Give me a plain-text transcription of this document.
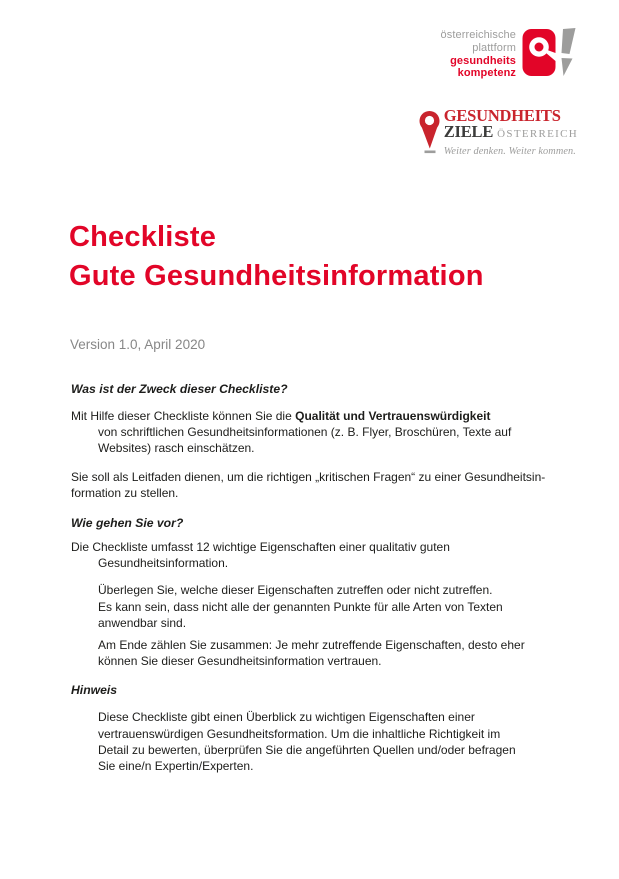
österreichische
plattform
gesundheits
kompetenz
GESUNDHEITS
ZIELE ÖSTERREICH
Weiter denken. Weiter kommen.
Checkliste
Gute Gesundheitsinformation
Version 1.0, April 2020
Was ist der Zweck dieser Checkliste?
Mit Hilfe dieser Checkliste können Sie die Qualität und Vertrauenswürdigkeit
von schriftlichen Gesundheitsinformationen (z. B. Flyer, Broschüren, Texte auf
Websites) rasch einschätzen.
Sie soll als Leitfaden dienen, um die richtigen „kritischen Fragen“ zu einer Gesundheitsin-
formation zu stellen.
Wie gehen Sie vor?
Die Checkliste umfasst 12 wichtige Eigenschaften einer qualitativ guten
Gesundheitsinformation.
Überlegen Sie, welche dieser Eigenschaften zutreffen oder nicht zutreffen.
Es kann sein, dass nicht alle der genannten Punkte für alle Arten von Texten
anwendbar sind.
Am Ende zählen Sie zusammen: Je mehr zutreffende Eigenschaften, desto eher
können Sie dieser Gesundheitsinformation vertrauen.
Hinweis
Diese Checkliste gibt einen Überblick zu wichtigen Eigenschaften einer
vertrauenswürdigen Gesundheitsformation. Um die inhaltliche Richtigkeit im
Detail zu bewerten, überprüfen Sie die angeführten Quellen und/oder befragen
Sie eine/n Expertin/Experten.
